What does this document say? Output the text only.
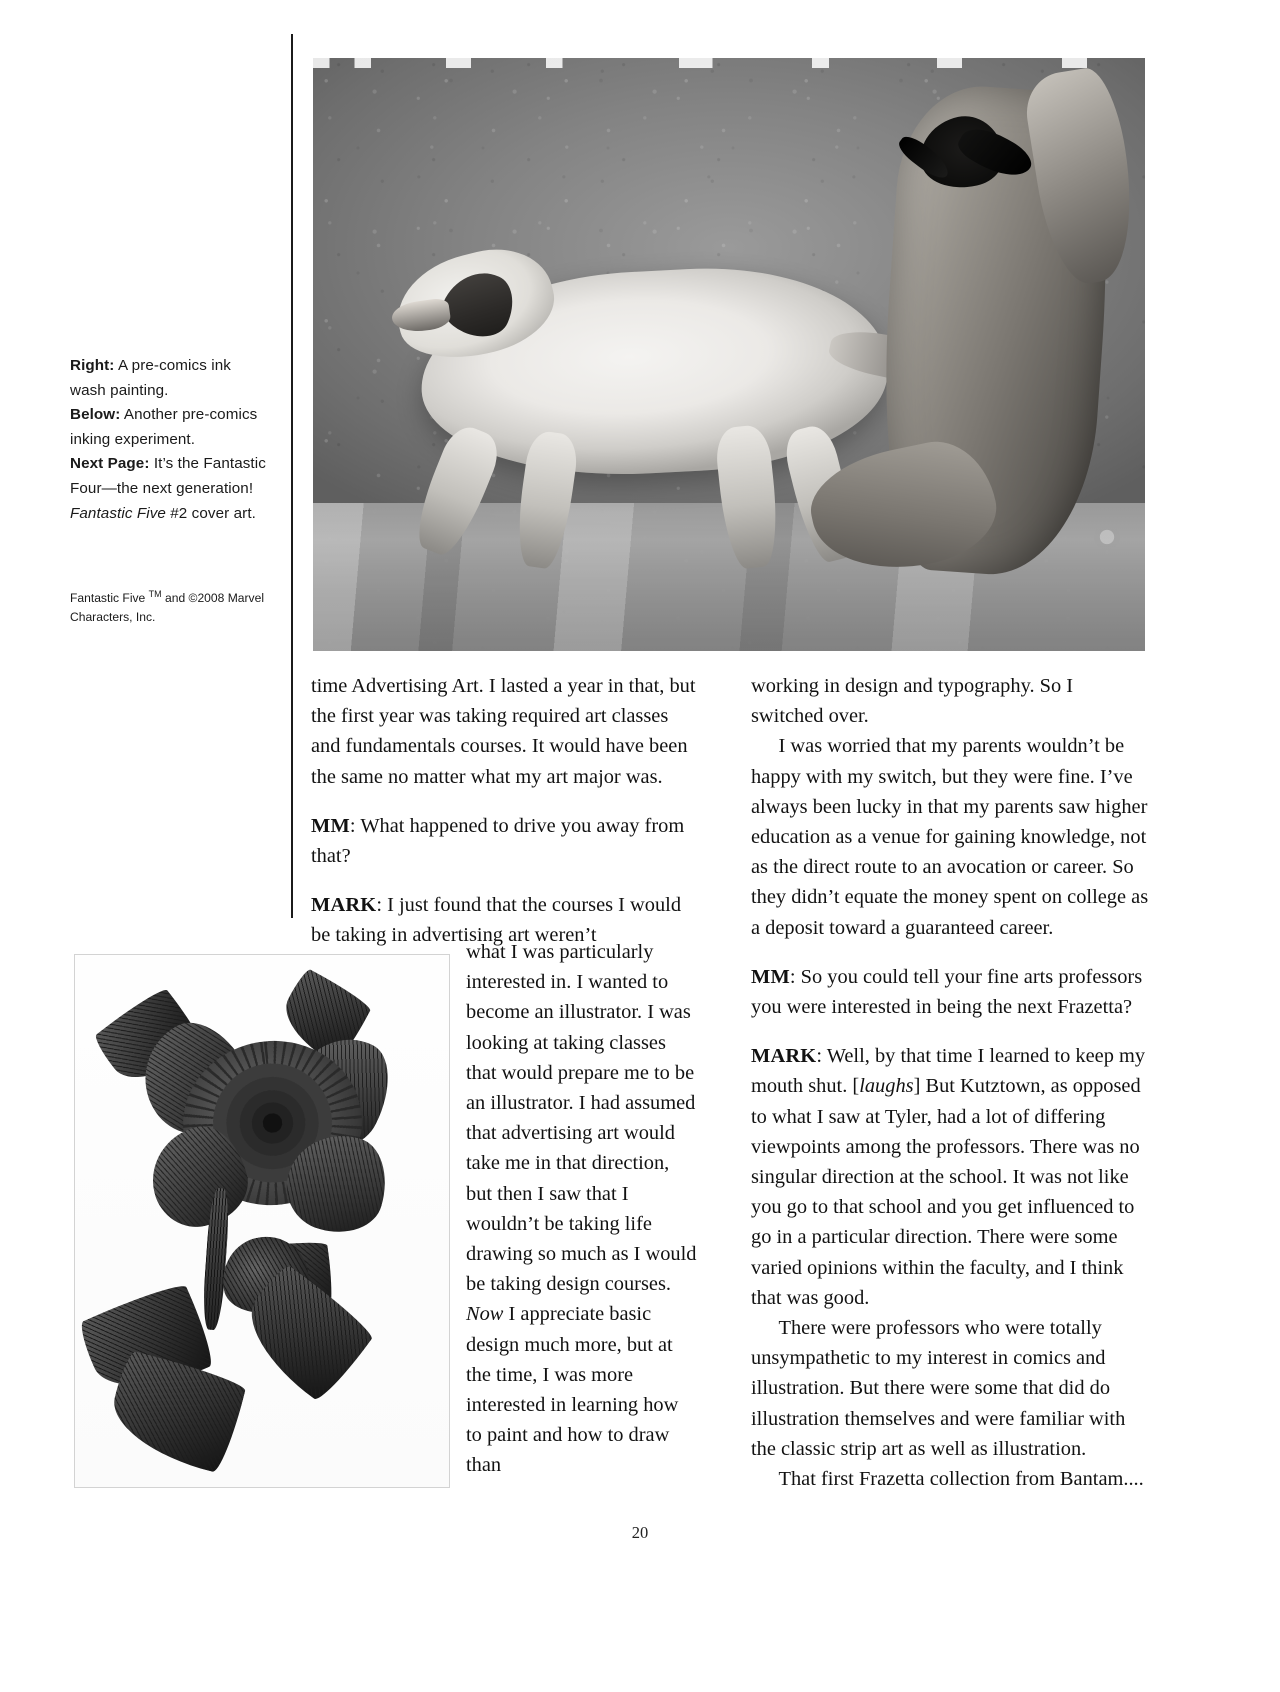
Right: A pre-comics ink wash painting.
Below: Another pre-comics inking experiment.
Next Page: It’s the Fantastic Four—the next generation! Fantastic Five #2 cover art.
Fantastic Five ™ and ©2008 Marvel Characters, Inc.

time Advertising Art. I lasted a year in that, but the first year was taking required art classes and fundamentals courses. It would have been the same no matter what my art major was.

MM: What happened to drive you away from that?

MARK: I just found that the courses I would be taking in advertising art weren’t

what I was particularly interested in. I wanted to become an illustrator. I was looking at taking classes that would prepare me to be an illustrator. I had assumed that advertising art would take me in that direction, but then I saw that I wouldn’t be taking life drawing so much as I would be taking design courses. Now I appreciate basic design much more, but at the time, I was more interested in learning how to paint and how to draw than

working in design and typography. So I switched over.

I was worried that my parents wouldn’t be happy with my switch, but they were fine. I’ve always been lucky in that my parents saw higher education as a venue for gaining knowledge, not as the direct route to an avocation or career. So they didn’t equate the money spent on college as a deposit toward a guaranteed career.

MM: So you could tell your fine arts professors you were interested in being the next Frazetta?

MARK: Well, by that time I learned to keep my mouth shut. [laughs] But Kutztown, as opposed to what I saw at Tyler, had a lot of differing viewpoints among the professors. There was no singular direction at the school. It was not like you go to that school and you get influenced to go in a particular direction. There were some varied opinions within the faculty, and I think that was good.

There were professors who were totally unsympathetic to my interest in comics and illustration. But there were some that did do illustration themselves and were familiar with the classic strip art as well as illustration.

That first Frazetta collection from Bantam....

20
